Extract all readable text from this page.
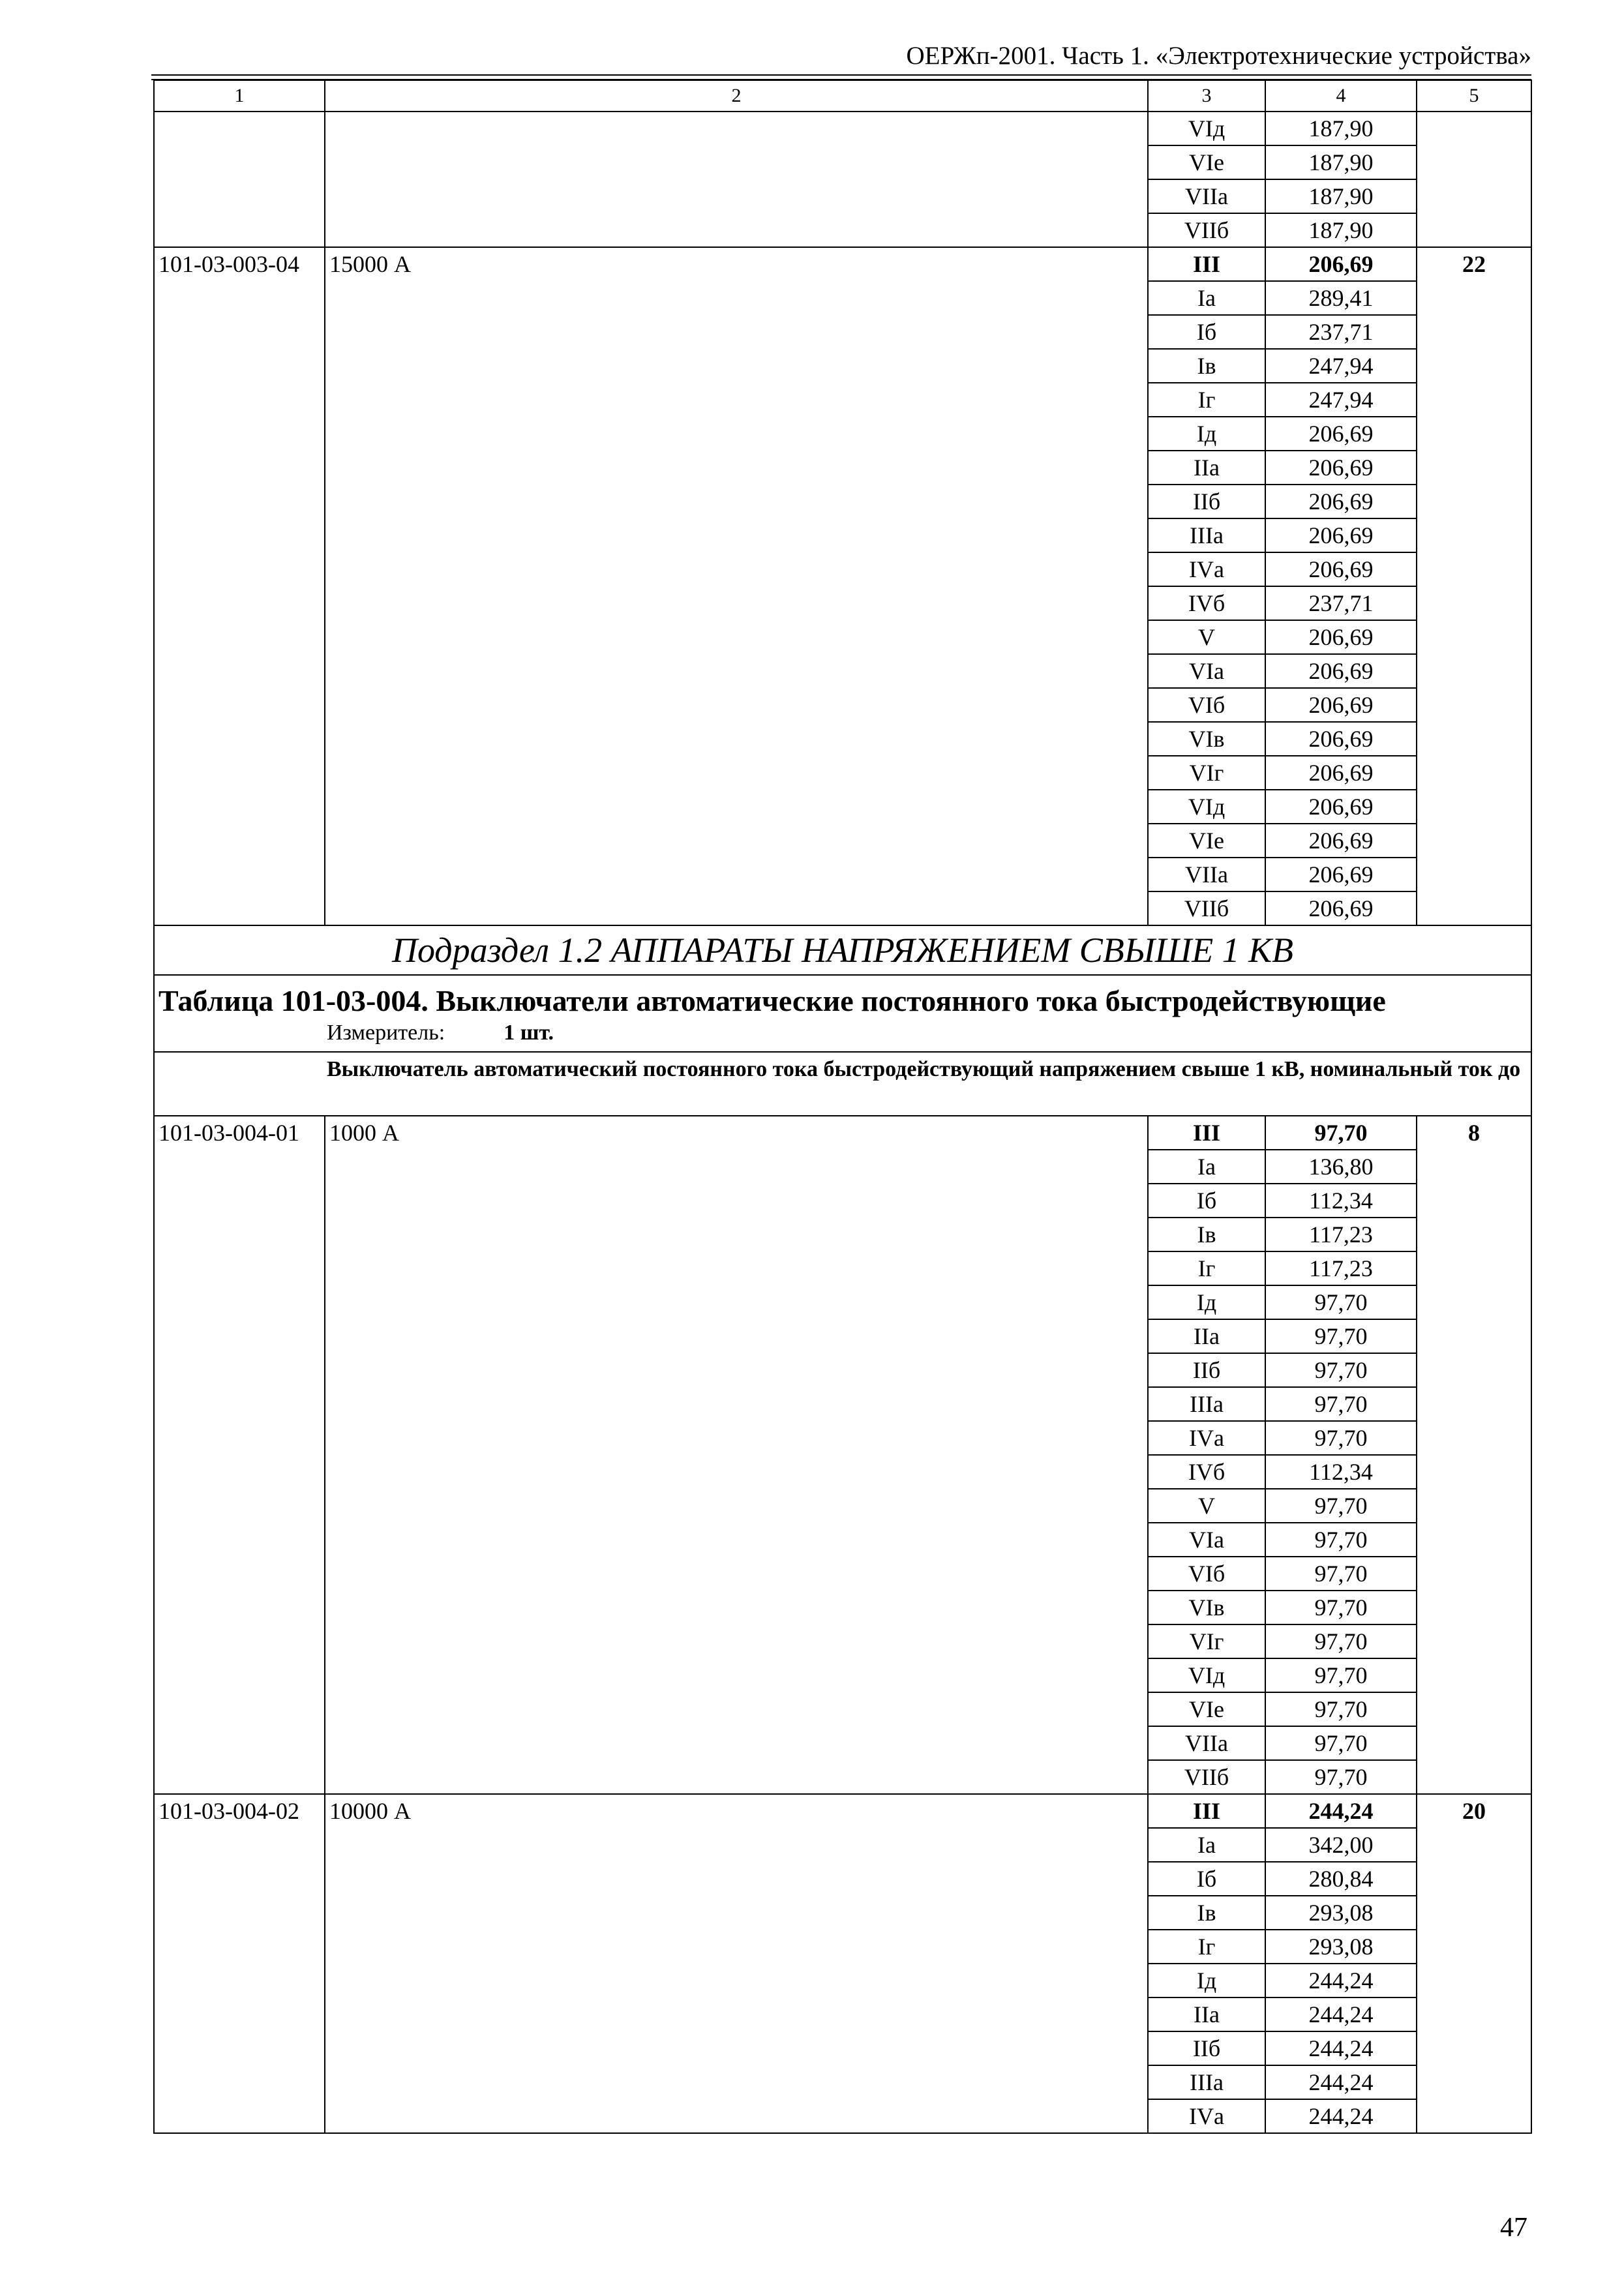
ОЕРЖп-2001. Часть 1. «Электротехнические устройства»
1	2	3	4	5
		VIд	187,90	
		VIe	187,90	
		VIIа	187,90	
		VIIб	187,90	
101-03-003-04	15000 А	III	206,69	22
		Iа	289,41	
		Iб	237,71	
		Iв	247,94	
		Iг	247,94	
		Iд	206,69	
		IIа	206,69	
		IIб	206,69	
		IIIа	206,69	
		IVа	206,69	
		IVб	237,71	
		V	206,69	
		VIа	206,69	
		VIб	206,69	
		VIв	206,69	
		VIг	206,69	
		VIд	206,69	
		VIe	206,69	
		VIIа	206,69	
		VIIб	206,69	
Подраздел 1.2 АППАРАТЫ НАПРЯЖЕНИЕМ СВЫШЕ 1 КВ				

Таблица 101-03-004. Выключатели автоматические постоянного тока быстродействующие
Измеритель: 1 шт.				

Выключатель автоматический постоянного тока быстродействующий напряжением свыше 1 кВ, номинальный ток до				
101-03-004-01	1000 А	III	97,70	8
		Iа	136,80	
		Iб	112,34	
		Iв	117,23	
		Iг	117,23	
		Iд	97,70	
		IIа	97,70	
		IIб	97,70	
		IIIа	97,70	
		IVа	97,70	
		IVб	112,34	
		V	97,70	
		VIа	97,70	
		VIб	97,70	
		VIв	97,70	
		VIг	97,70	
		VIд	97,70	
		VIe	97,70	
		VIIа	97,70	
		VIIб	97,70	
101-03-004-02	10000 А	III	244,24	20
		Iа	342,00	
		Iб	280,84	
		Iв	293,08	
		Iг	293,08	
		Iд	244,24	
		IIа	244,24	
		IIб	244,24	
		IIIа	244,24	
		IVа	244,24	
47
